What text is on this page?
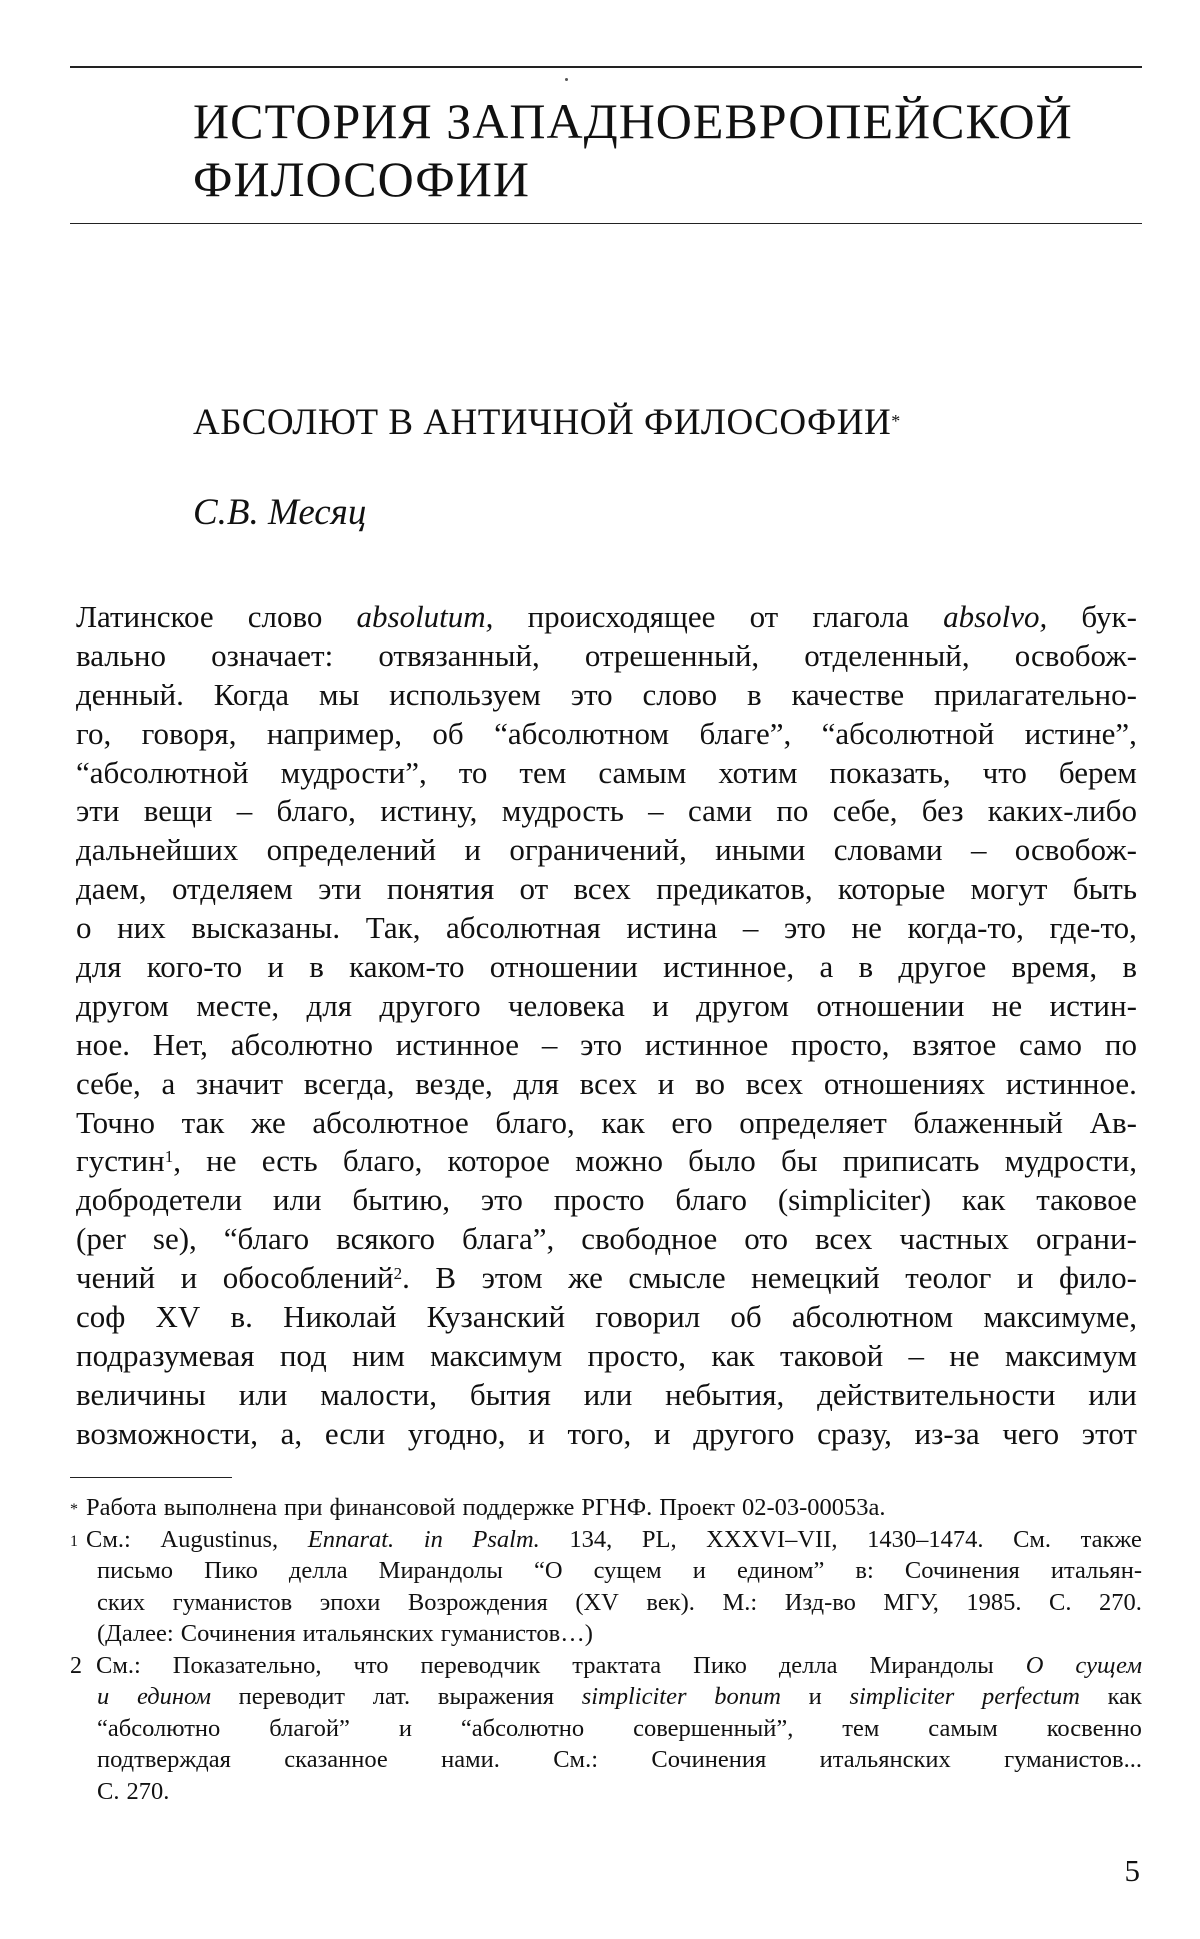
ИСТОРИЯ ЗАПАДНОЕВРОПЕЙСКОЙ
ФИЛОСОФИИ
АБСОЛЮТ В АНТИЧНОЙ ФИЛОСОФИИ*
С.В. Месяц
Латинское слово absolutum, происходящее от глагола absolvo, бук-
вально означает: отвязанный, отрешенный, отделенный, освобож-
денный. Когда мы используем это слово в качестве прилагательно-
го, говоря, например, об “абсолютном благе”, “абсолютной истине”,
“абсолютной мудрости”, то тем самым хотим показать, что берем
эти вещи – благо, истину, мудрость – сами по себе, без каких-либо
дальнейших определений и ограничений, иными словами – освобож-
даем, отделяем эти понятия от всех предикатов, которые могут быть
о них высказаны. Так, абсолютная истина – это не когда-то, где-то,
для кого-то и в каком-то отношении истинное, а в другое время, в
другом месте, для другого человека и другом отношении не истин-
ное. Нет, абсолютно истинное – это истинное просто, взятое само по
себе, а значит всегда, везде, для всех и во всех отношениях истинное.
Точно так же абсолютное благо, как его определяет блаженный Ав-
густин$^1$, не есть благо, которое можно было бы приписать мудрости,
добродетели или бытию, это просто благо (simpliciter) как таковое
(per se), “благо всякого блага”, свободное ото всех частных ограни-
чений и обособлений$^2$. В этом же смысле немецкий теолог и фило-
соф XV в. Николай Кузанский говорил об абсолютном максимуме,
подразумевая под ним максимум просто, как таковой – не максимум
величины или малости, бытия или небытия, действительности или
возможности, а, если угодно, и того, и другого сразу, из-за чего этот
* Работа выполнена при финансовой поддержке РГНФ. Проект 02-03-00053а.
1 См.: Augustinus, Ennarat. in Psalm. 134, PL, XXXVI–VII, 1430–1474. См. также
письмо Пико делла Мирандолы “О сущем и едином” в: Сочинения итальян-
ских гуманистов эпохи Возрождения (XV век). М.: Изд-во МГУ, 1985. С. 270.
(Далее: Сочинения итальянских гуманистов…)
2 См.: Показательно, что переводчик трактата Пико делла Мирандолы О сущем
и едином переводит лат. выражения simpliciter bonum и simpliciter perfectum как
“абсолютно благой” и “абсолютно совершенный”, тем самым косвенно
подтверждая сказанное нами. См.: Сочинения итальянских гуманистов...
С. 270.
5
